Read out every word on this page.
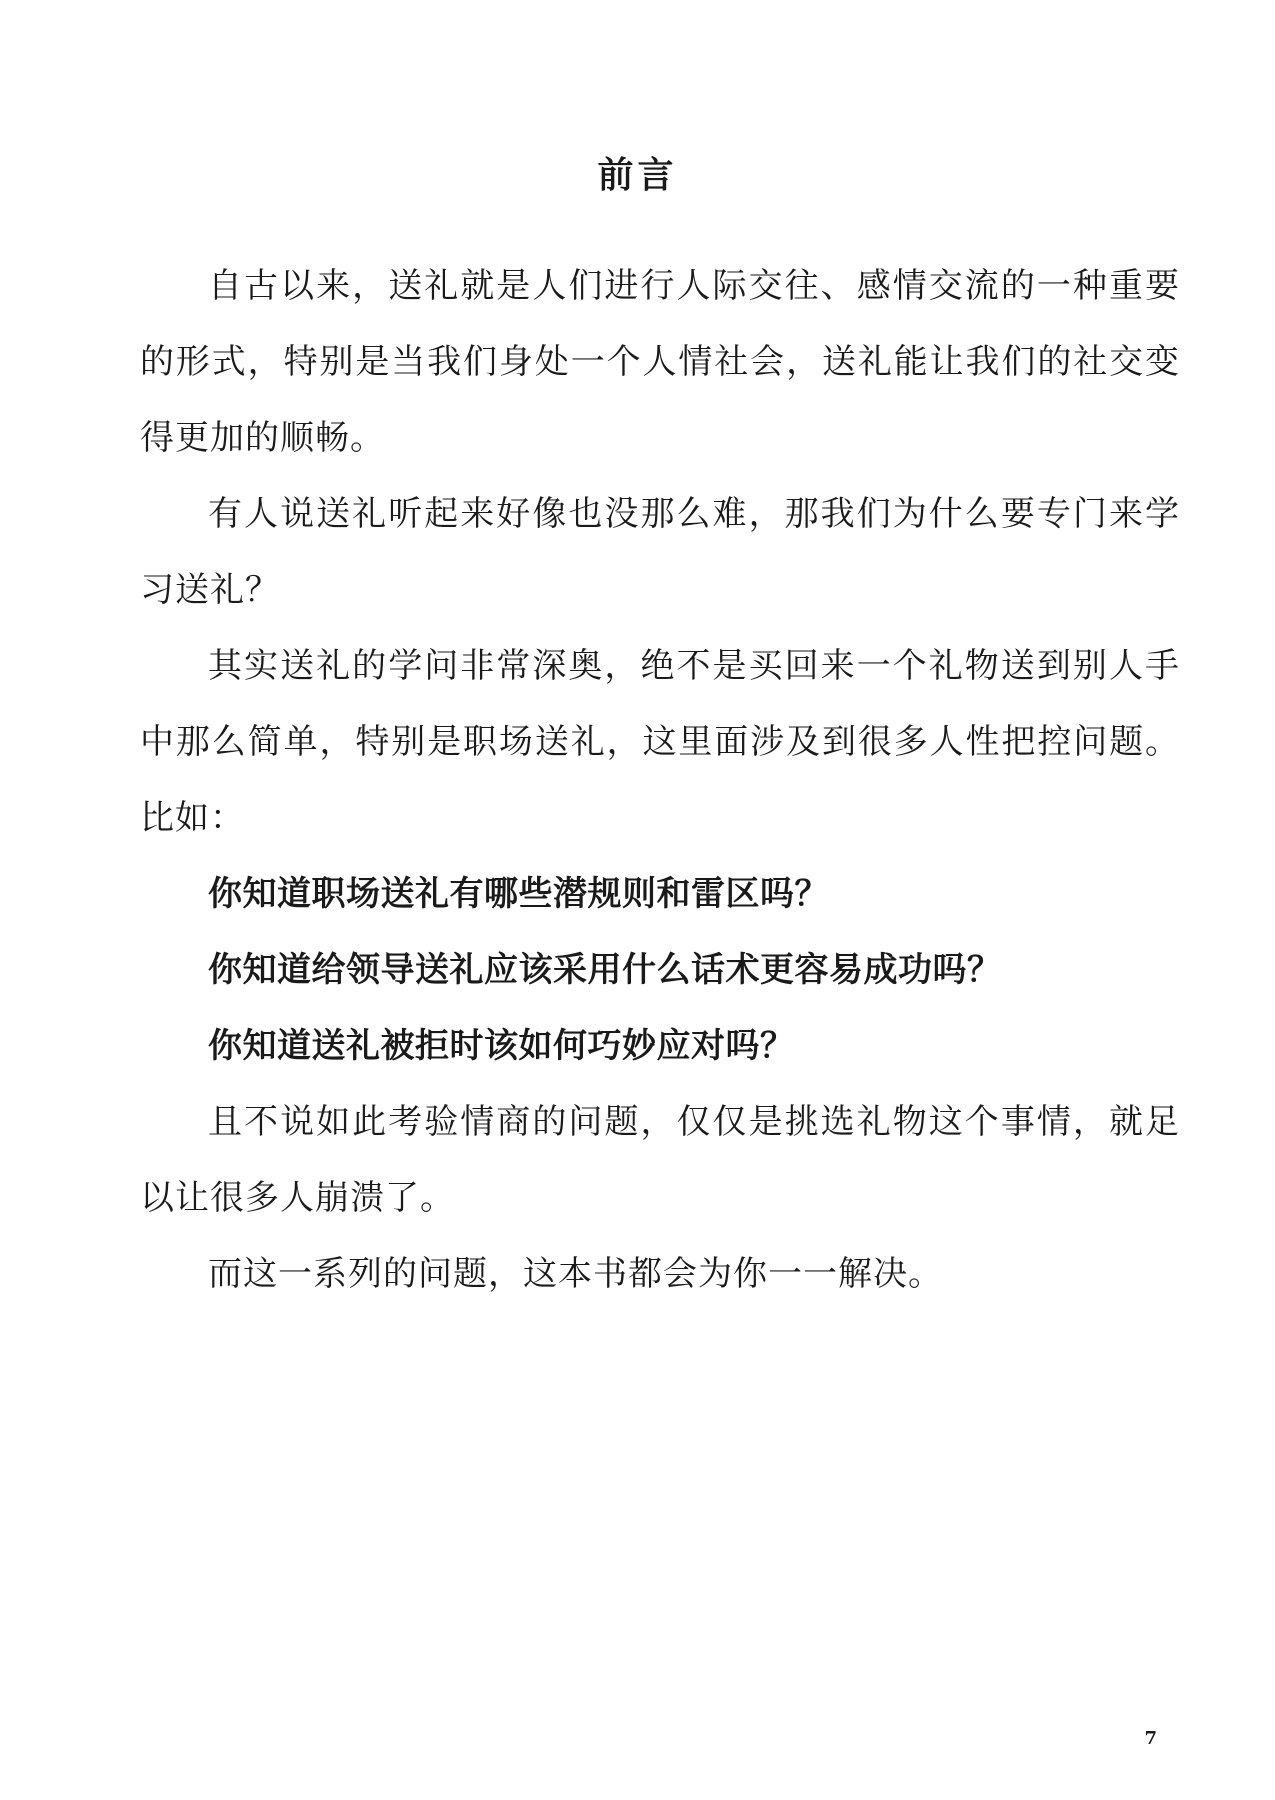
前言

自古以来，送礼就是人们进行人际交往、感情交流的一种重要的形式，特别是当我们身处一个人情社会，送礼能让我们的社交变得更加的顺畅。

有人说送礼听起来好像也没那么难，那我们为什么要专门来学习送礼？

其实送礼的学问非常深奥，绝不是买回来一个礼物送到别人手中那么简单，特别是职场送礼，这里面涉及到很多人性把控问题。比如：

你知道职场送礼有哪些潜规则和雷区吗？

你知道给领导送礼应该采用什么话术更容易成功吗？

你知道送礼被拒时该如何巧妙应对吗？

且不说如此考验情商的问题，仅仅是挑选礼物这个事情，就足以让很多人崩溃了。

而这一系列的问题，这本书都会为你一一解决。

7
